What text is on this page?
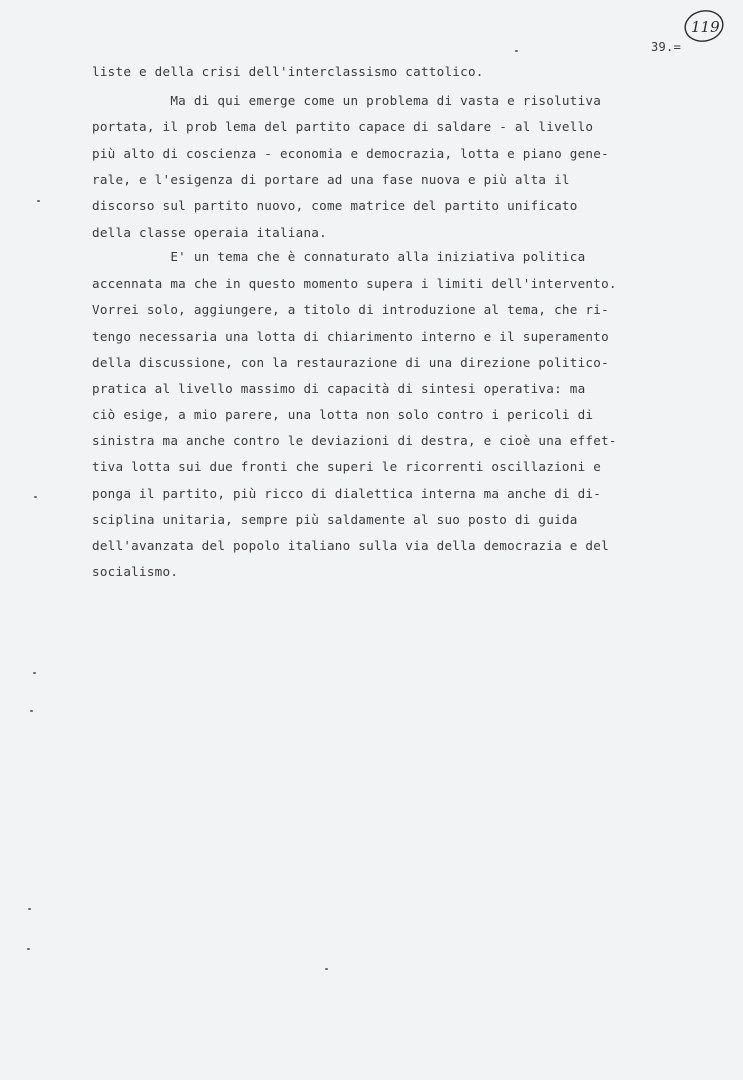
119
39.=
liste e della crisi dell'interclassismo cattolico.
Ma di qui emerge come un problema di vasta e risolutiva
portata, il prob lema del partito capace di saldare - al livello
più alto di coscienza - economia e democrazia, lotta e piano gene-
rale, e l'esigenza di portare ad una fase nuova e più alta il
discorso sul partito nuovo, come matrice del partito unificato
della classe operaia italiana.
E' un tema che è connaturato alla iniziativa politica
accennata ma che in questo momento supera i limiti dell'intervento.
Vorrei solo, aggiungere, a titolo di introduzione al tema, che ri-
tengo necessaria una lotta di chiarimento interno e il superamento
della discussione, con la restaurazione di una direzione politico-
pratica al livello massimo di capacità di sintesi operativa: ma
ciò esige, a mio parere, una lotta non solo contro i pericoli di
sinistra ma anche contro le deviazioni di destra, e cioè una effet-
tiva lotta sui due fronti che superi le ricorrenti oscillazioni e
ponga il partito, più ricco di dialettica interna ma anche di di-
sciplina unitaria, sempre più saldamente al suo posto di guida
dell'avanzata del popolo italiano sulla via della democrazia e del
socialismo.
